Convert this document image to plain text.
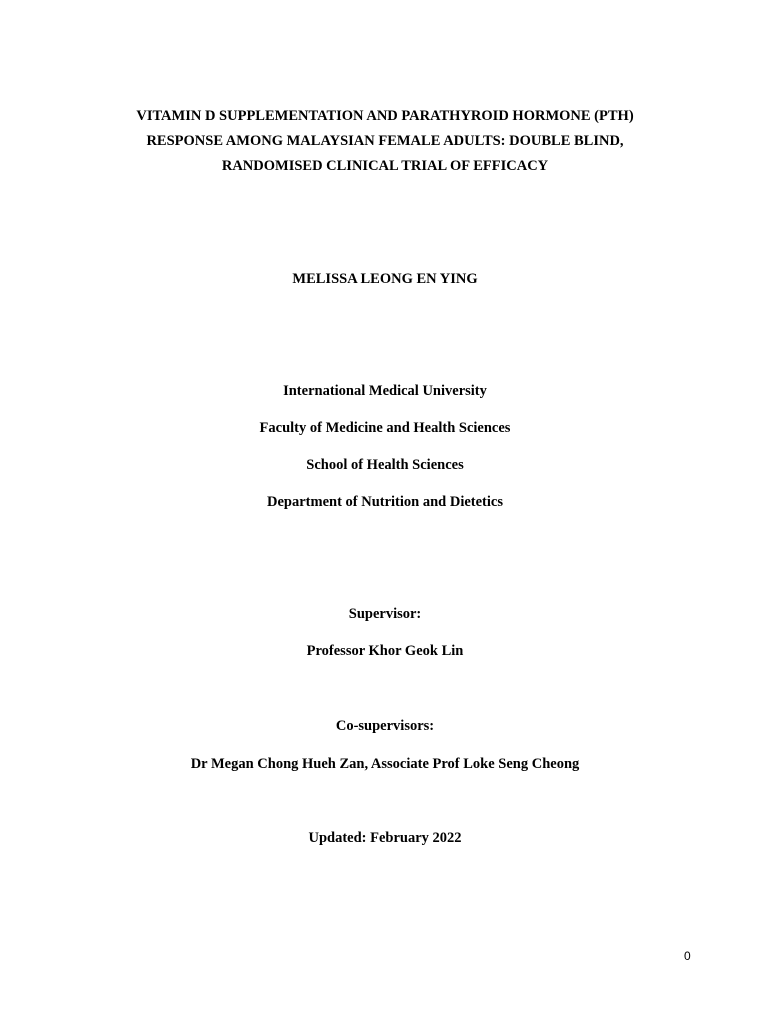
VITAMIN D SUPPLEMENTATION AND PARATHYROID HORMONE (PTH)
RESPONSE AMONG MALAYSIAN FEMALE ADULTS: DOUBLE BLIND,
RANDOMISED CLINICAL TRIAL OF EFFICACY
MELISSA LEONG EN YING
International Medical University
Faculty of Medicine and Health Sciences
School of Health Sciences
Department of Nutrition and Dietetics
Supervisor:
Professor Khor Geok Lin
Co-supervisors:
Dr Megan Chong Hueh Zan, Associate Prof Loke Seng Cheong
Updated: February 2022
0
